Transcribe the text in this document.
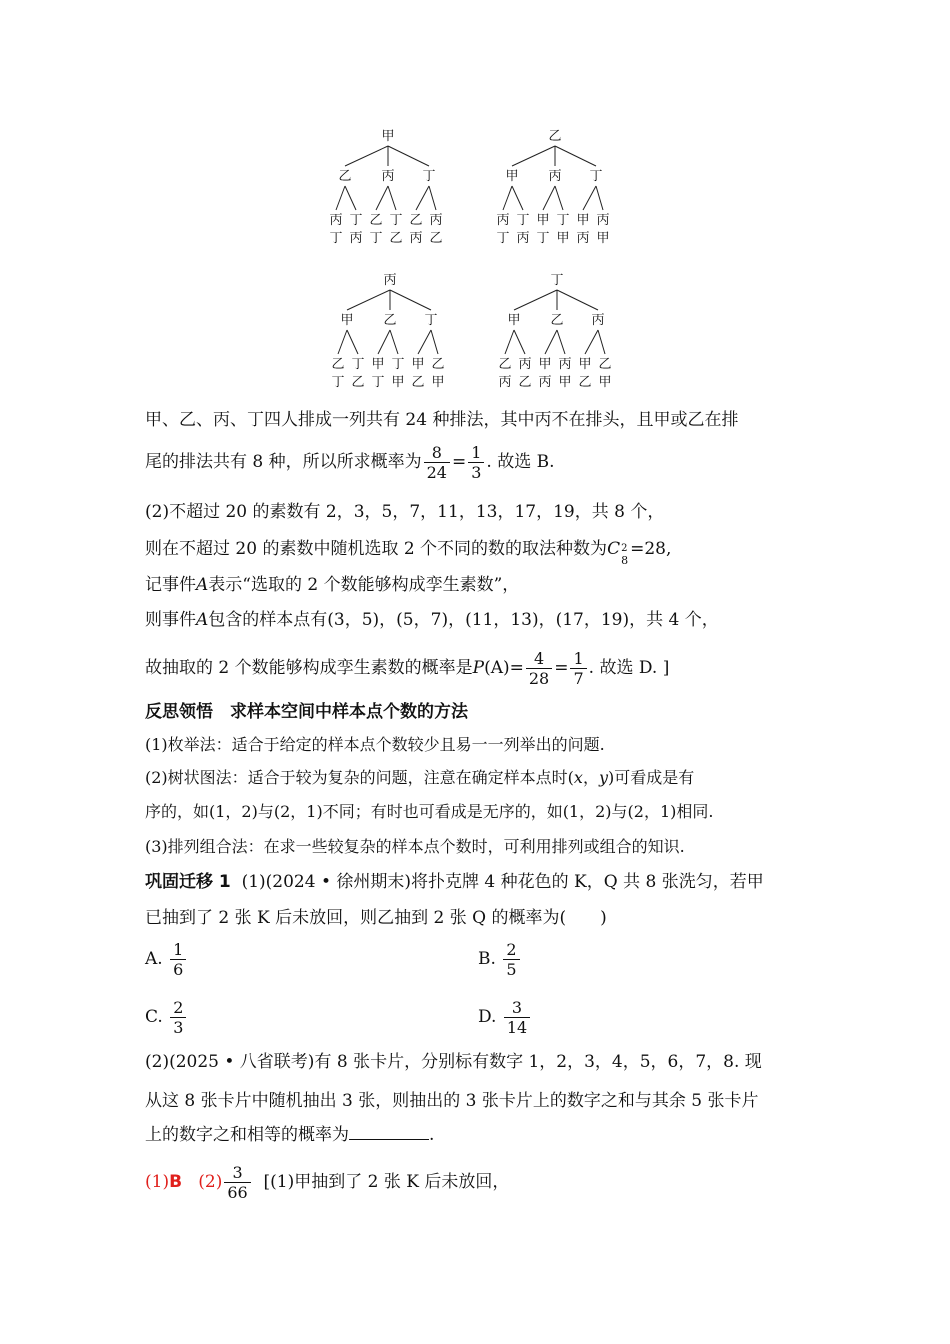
甲
乙
丙
丁
丁
丙
丙
乙
丁
丁
乙
丁
乙
丙
丙
乙
乙
甲
丙
丁
丁
丙
丙
甲
丁
丁
甲
丁
甲
丙
丙
甲
丙
甲
乙
丁
丁
乙
乙
甲
丁
丁
甲
丁
甲
乙
乙
甲
丁
甲
乙
丙
丙
乙
乙
甲
丙
丙
甲
丙
甲
乙
乙
甲
甲、乙、丙、丁四人排成一列共有 24 种排法，其中丙不在排头，且甲或乙在排
尾的排法共有 8 种，所以所求概率为 $\frac{8}{24} = \frac{1}{3}$ . 故选 B.
(2)不超过 20 的素数有 2，3，5，7，11，13，17，19，共 8 个，
则在不超过 20 的素数中随机选取 2 个不同的数的取法种数为C 2
8
=28,
记事件A表示“选取的 2 个数能够构成孪生素数”，
则事件A包含的样本点有(3，5)，(5，7)，(11，13)，(17，19)，共 4 个，
故抽取的 2 个数能够构成孪生素数的概率是$P(A)= \frac{4}{28} = \frac{1}{7}$ . 故选 D. ]
反思领悟　求样本空间中样本点个数的方法
(1)枚举法：适合于给定的样本点个数较少且易一一列举出的问题.
(2)树状图法：适合于较为复杂的问题，注意在确定样本点时(x，y)可看成是有
序的，如(1，2)与(2，1)不同；有时也可看成是无序的，如(1，2)与(2，1)相同.
(3)排列组合法：在求一些较复杂的样本点个数时，可利用排列或组合的知识.
巩固迁移 1 (1)(2024 • 徐州期末)将扑克牌 4 种花色的 K，Q 共 8 张洗匀，若甲
已抽到了 2 张 K 后未放回，则乙抽到 2 张 Q 的概率为(　　)
A. $\frac{1}{6}$	B. $\frac{2}{5}$
C. $\frac{2}{3}$	D. $\frac{3}{14}$
(2)(2025 • 八省联考)有 8 张卡片，分别标有数字 1，2，3，4，5，6，7，8. 现
从这 8 张卡片中随机抽出 3 张，则抽出的 3 张卡片上的数字之和与其余 5 张卡片
上的数字之和相等的概率为	.
(1)B $(2) \frac{3}{66} [(1)$甲抽到了 2 张 K 后未放回，
